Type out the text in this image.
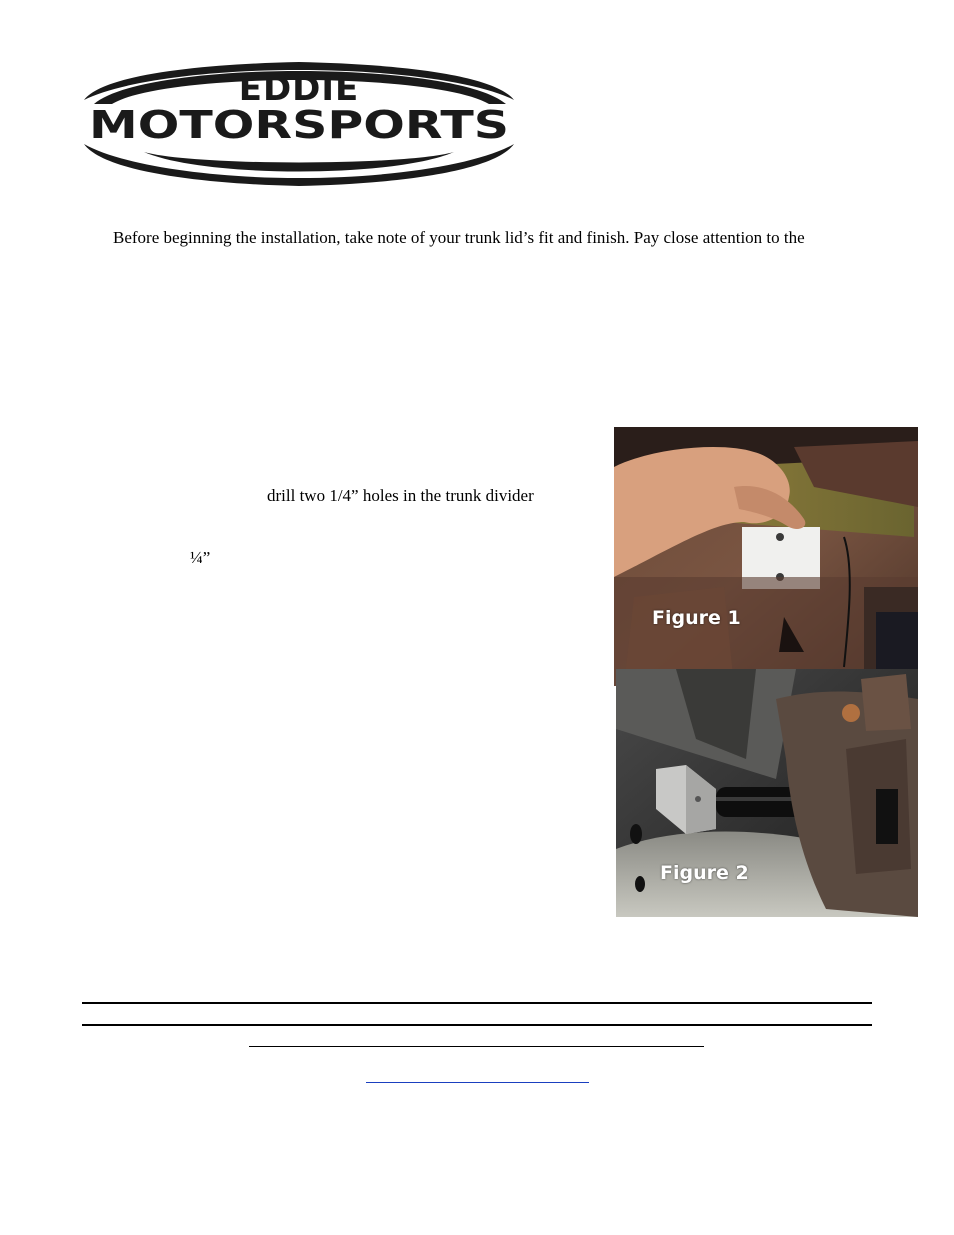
EDDIE
MOTORSPORTS
Before beginning the installation, take note of your trunk lid’s fit and finish. Pay close attention to the
drill two 1/4” holes in the trunk divider
¼”
Figure 1
Figure 2
